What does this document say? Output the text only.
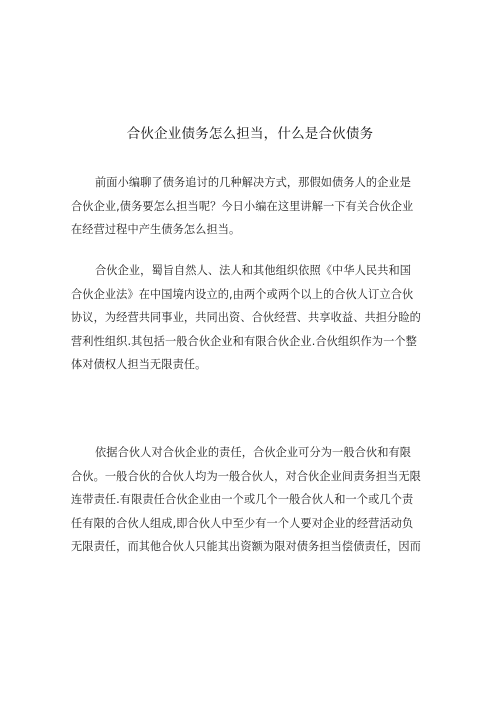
合伙企业债务怎么担当，什么是合伙债务

前面小编聊了债务追讨的几种解决方式，那假如债务人的企业是
合伙企业,债务要怎么担当呢？今日小编在这里讲解一下有关合伙企业
在经营过程中产生债务怎么担当。

合伙企业，蜀旨自然人、法人和其他组织依照《中华人民共和国
合伙企业法》在中国境内设立的,由两个或两个以上的合伙人订立合伙
协议，为经营共同事业，共同出资、合伙经营、共享收益、共担分睑的
营利性组织.其包括一般合伙企业和有限合伙企业.合伙组织作为一个整
体对债权人担当无限责任。

依据合伙人对合伙企业的责任，合伙企业可分为一般合伙和有限
合伙。一般合伙的合伙人均为一般合伙人，对合伙企业间责务担当无限
连带责任.有限责任合伙企业由一个或几个一般合伙人和一个或几个责
任有限的合伙人组成,即合伙人中至少有一个人要对企业的经营活动负
无限责任，而其他合伙人只能其出资额为限对债务担当偿债责任，因而
